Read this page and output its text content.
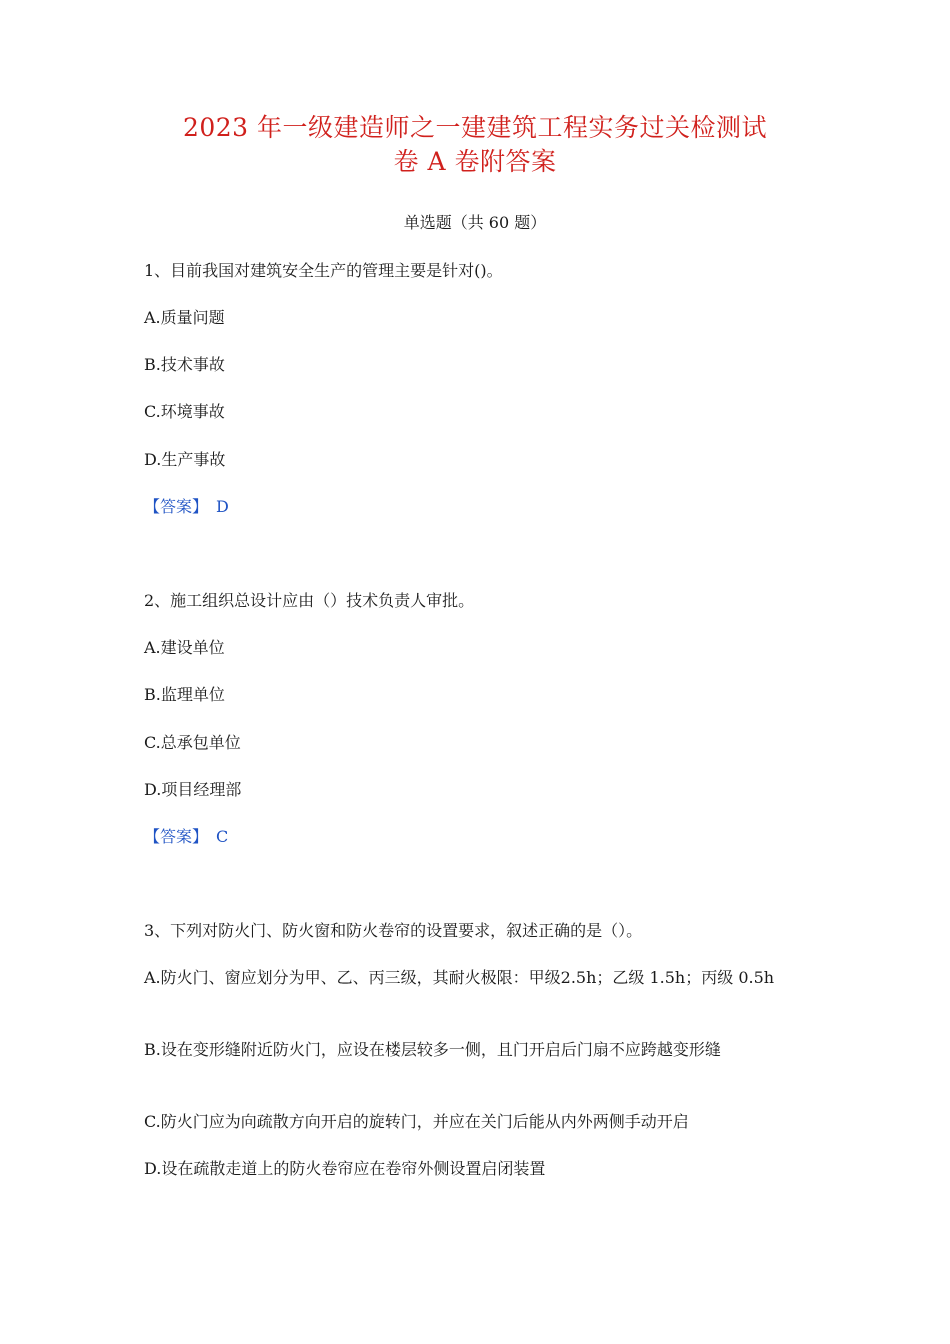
2023 年一级建造师之一建建筑工程实务过关检测试
卷 A 卷附答案
单选题（共 60 题）
1、目前我国对建筑安全生产的管理主要是针对()。
A.质量问题
B.技术事故
C.环境事故
D.生产事故
【答案】 D
2、施工组织总设计应由（）技术负责人审批。
A.建设单位
B.监理单位
C.总承包单位
D.项目经理部
【答案】 C
3、下列对防火门、防火窗和防火卷帘的设置要求，叙述正确的是（）。
A.防火门、窗应划分为甲、乙、丙三级，其耐火极限：甲级2.5h；乙级 1.5h；丙级 0.5h
B.设在变形缝附近防火门，应设在楼层较多一侧，且门开启后门扇不应跨越变形缝
C.防火门应为向疏散方向开启的旋转门，并应在关门后能从内外两侧手动开启
D.设在疏散走道上的防火卷帘应在卷帘外侧设置启闭装置
